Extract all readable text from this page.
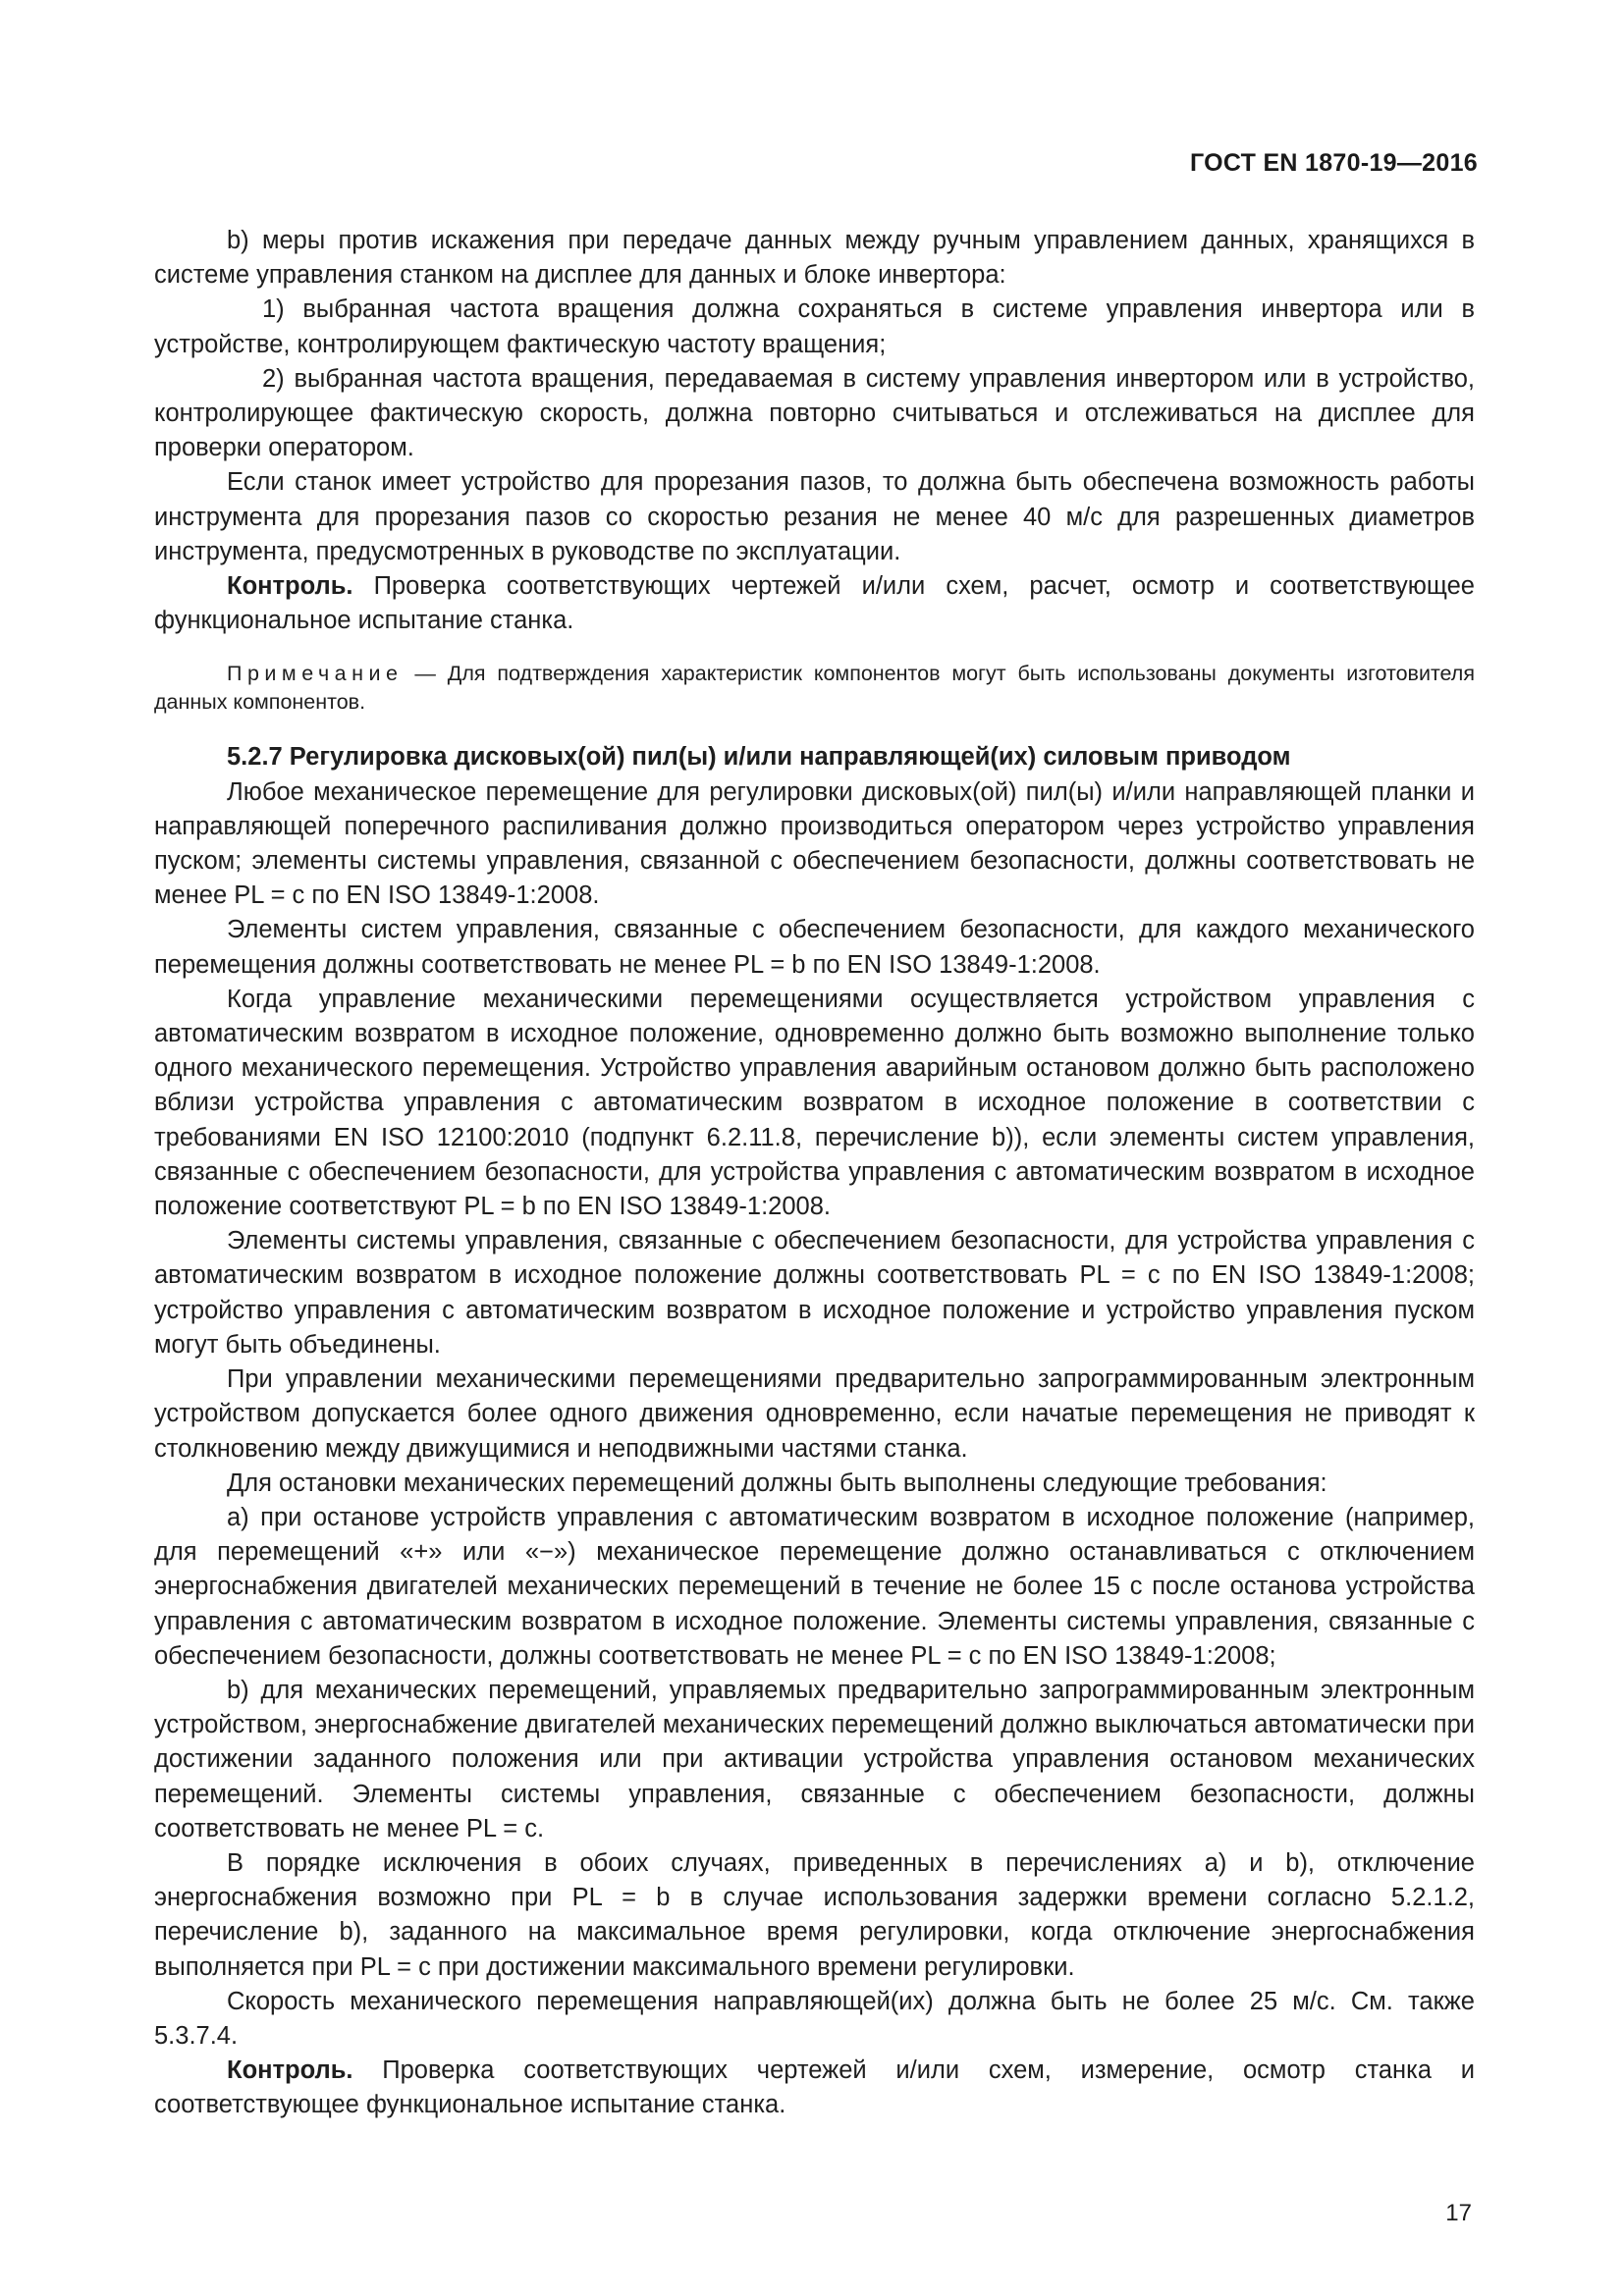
ГОСТ EN 1870-19—2016

b) меры против искажения при передаче данных между ручным управлением данных, хранящихся в системе управления станком на дисплее для данных и блоке инвертора:

1) выбранная частота вращения должна сохраняться в системе управления инвертора или в устройстве, контролирующем фактическую частоту вращения;

2) выбранная частота вращения, передаваемая в систему управления инвертором или в устройство, контролирующее фактическую скорость, должна повторно считываться и отслеживаться на дисплее для проверки оператором.

Если станок имеет устройство для прорезания пазов, то должна быть обеспечена возможность работы инструмента для прорезания пазов со скоростью резания не менее 40 м/с для разрешенных диаметров инструмента, предусмотренных в руководстве по эксплуатации.

Контроль. Проверка соответствующих чертежей и/или схем, расчет, осмотр и соответствующее функциональное испытание станка.

Примечание — Для подтверждения характеристик компонентов могут быть использованы документы изготовителя данных компонентов.

5.2.7 Регулировка дисковых(ой) пил(ы) и/или направляющей(их) силовым приводом

Любое механическое перемещение для регулировки дисковых(ой) пил(ы) и/или направляющей планки и направляющей поперечного распиливания должно производиться оператором через устройство управления пуском; элементы системы управления, связанной с обеспечением безопасности, должны соответствовать не менее PL = c по EN ISO 13849-1:2008.

Элементы систем управления, связанные с обеспечением безопасности, для каждого механического перемещения должны соответствовать не менее PL = b по EN ISO 13849-1:2008.

Когда управление механическими перемещениями осуществляется устройством управления с автоматическим возвратом в исходное положение, одновременно должно быть возможно выполнение только одного механического перемещения. Устройство управления аварийным остановом должно быть расположено вблизи устройства управления с автоматическим возвратом в исходное положение в соответствии с требованиями EN ISO 12100:2010 (подпункт 6.2.11.8, перечисление b)), если элементы систем управления, связанные с обеспечением безопасности, для устройства управления с автоматическим возвратом в исходное положение соответствуют PL = b по EN ISO 13849-1:2008.

Элементы системы управления, связанные с обеспечением безопасности, для устройства управления с автоматическим возвратом в исходное положение должны соответствовать PL = c по EN ISO 13849-1:2008; устройство управления с автоматическим возвратом в исходное положение и устройство управления пуском могут быть объединены.

При управлении механическими перемещениями предварительно запрограммированным электронным устройством допускается более одного движения одновременно, если начатые перемещения не приводят к столкновению между движущимися и неподвижными частями станка.

Для остановки механических перемещений должны быть выполнены следующие требования:

a) при останове устройств управления с автоматическим возвратом в исходное положение (например, для перемещений «+» или «−») механическое перемещение должно останавливаться с отключением энергоснабжения двигателей механических перемещений в течение не более 15 с после останова устройства управления с автоматическим возвратом в исходное положение. Элементы системы управления, связанные с обеспечением безопасности, должны соответствовать не менее PL = c по EN ISO 13849-1:2008;

b) для механических перемещений, управляемых предварительно запрограммированным электронным устройством, энергоснабжение двигателей механических перемещений должно выключаться автоматически при достижении заданного положения или при активации устройства управления остановом механических перемещений. Элементы системы управления, связанные с обеспечением безопасности, должны соответствовать не менее PL = c.

В порядке исключения в обоих случаях, приведенных в перечислениях a) и b), отключение энергоснабжения возможно при PL = b в случае использования задержки времени согласно 5.2.1.2, перечисление b), заданного на максимальное время регулировки, когда отключение энергоснабжения выполняется при PL = c при достижении максимального времени регулировки.

Скорость механического перемещения направляющей(их) должна быть не более 25 м/с. См. также 5.3.7.4.

Контроль. Проверка соответствующих чертежей и/или схем, измерение, осмотр станка и соответствующее функциональное испытание станка.

17
